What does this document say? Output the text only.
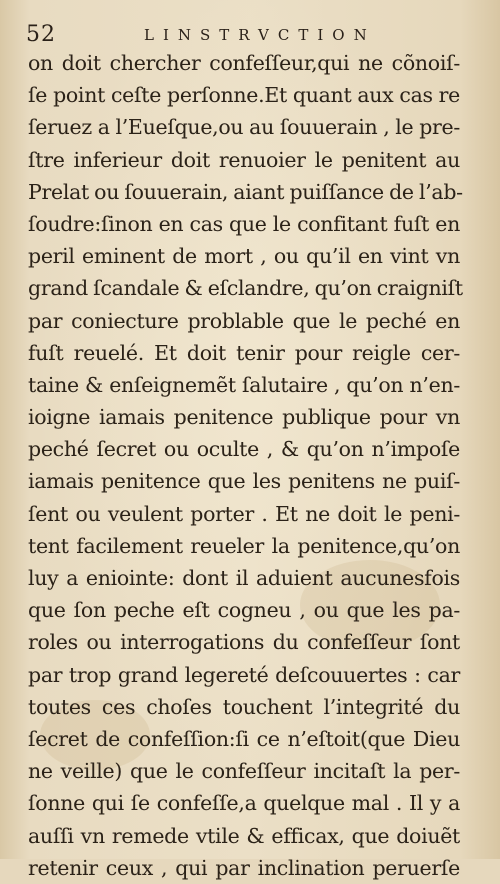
52	LINSTRVCTION
on doit chercher confeſſeur,qui ne cõnoiſ-
ſe point ceſte perſonne.Et quant aux cas re
ſeruez a l’Eueſque,ou au ſouuerain , le pre-
ſtre inferieur doit renuoier le penitent au
Prelat ou ſouuerain, aiant puiſſance de l’ab-
ſoudre:ſinon en cas que le confitant fuſt en
peril eminent de mort , ou qu’il en vint vn
grand ſcandale & eſclandre, qu’on craigniſt
par coniecture problable que le peché en
fuſt reuelé. Et doit tenir pour reigle cer-
taine & enſeignemẽt ſalutaire , qu’on n’en-
ioigne iamais penitence publique pour vn
peché ſecret ou oculte , & qu’on n’impoſe
iamais penitence que les penitens ne puiſ-
ſent ou veulent porter . Et ne doit le peni-
tent facilement reueler la penitence,qu’on
luy a eniointe: dont il aduient aucunesfois
que ſon peche eſt cogneu , ou que les pa-
roles ou interrogations du confeſſeur ſont
par trop grand legereté deſcouuertes : car
toutes ces choſes touchent l’integrité du
ſecret de confeſſion:ſi ce n’eſtoit(que Dieu
ne veille) que le confeſſeur incitaſt la per-
ſonne qui ſe confeſſe,a quelque mal . Il y a
auſſi vn remede vtile & efficax, que doiuẽt
retenir ceux , qui par inclination peruerſe
